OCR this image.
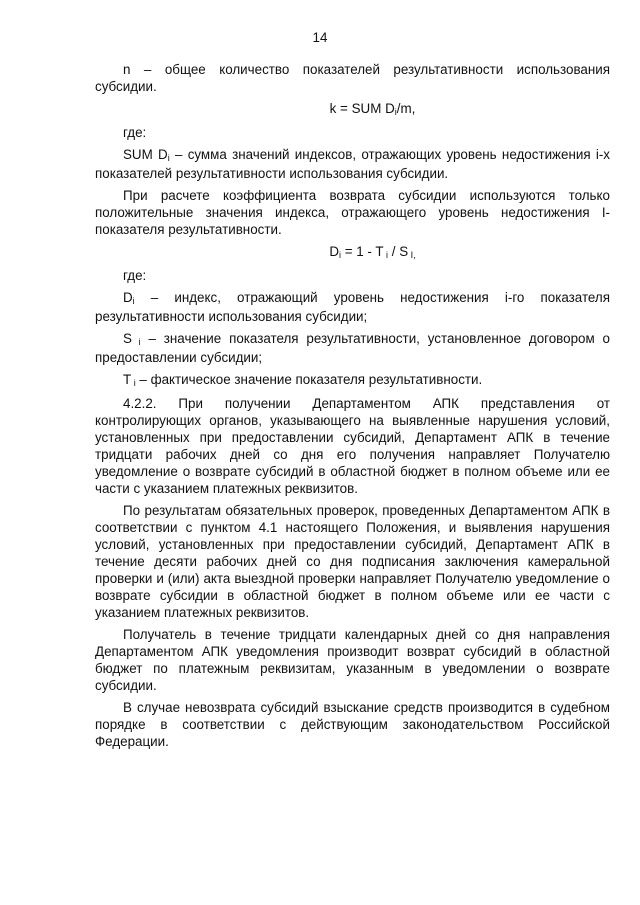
14

n – общее количество показателей результативности использования субсидии.

k = SUM Di/m,

где:

SUM Di – сумма значений индексов, отражающих уровень недостижения i-х показателей результативности использования субсидии.

При расчете коэффициента возврата субсидии используются только положительные значения индекса, отражающего уровень недостижения I-показателя результативности.

Di = 1 - T i / S I,

где:

Di – индекс, отражающий уровень недостижения i-го показателя результативности использования субсидии;

S i – значение показателя результативности, установленное договором о предоставлении субсидии;

T i – фактическое значение показателя результативности.

4.2.2. При получении Департаментом АПК представления от контролирующих органов, указывающего на выявленные нарушения условий, установленных при предоставлении субсидий, Департамент АПК в течение тридцати рабочих дней со дня его получения направляет Получателю уведомление о возврате субсидий в областной бюджет в полном объеме или ее части с указанием платежных реквизитов.

По результатам обязательных проверок, проведенных Департаментом АПК в соответствии с пунктом 4.1 настоящего Положения, и выявления нарушения условий, установленных при предоставлении субсидий, Департамент АПК в течение десяти рабочих дней со дня подписания заключения камеральной проверки и (или) акта выездной проверки направляет Получателю уведомление о возврате субсидии в областной бюджет в полном объеме или ее части с указанием платежных реквизитов.

Получатель в течение тридцати календарных дней со дня направления Департаментом АПК уведомления производит возврат субсидий в областной бюджет по платежным реквизитам, указанным в уведомлении о возврате субсидии.

В случае невозврата субсидий взыскание средств производится в судебном порядке в соответствии с действующим законодательством Российской Федерации.
